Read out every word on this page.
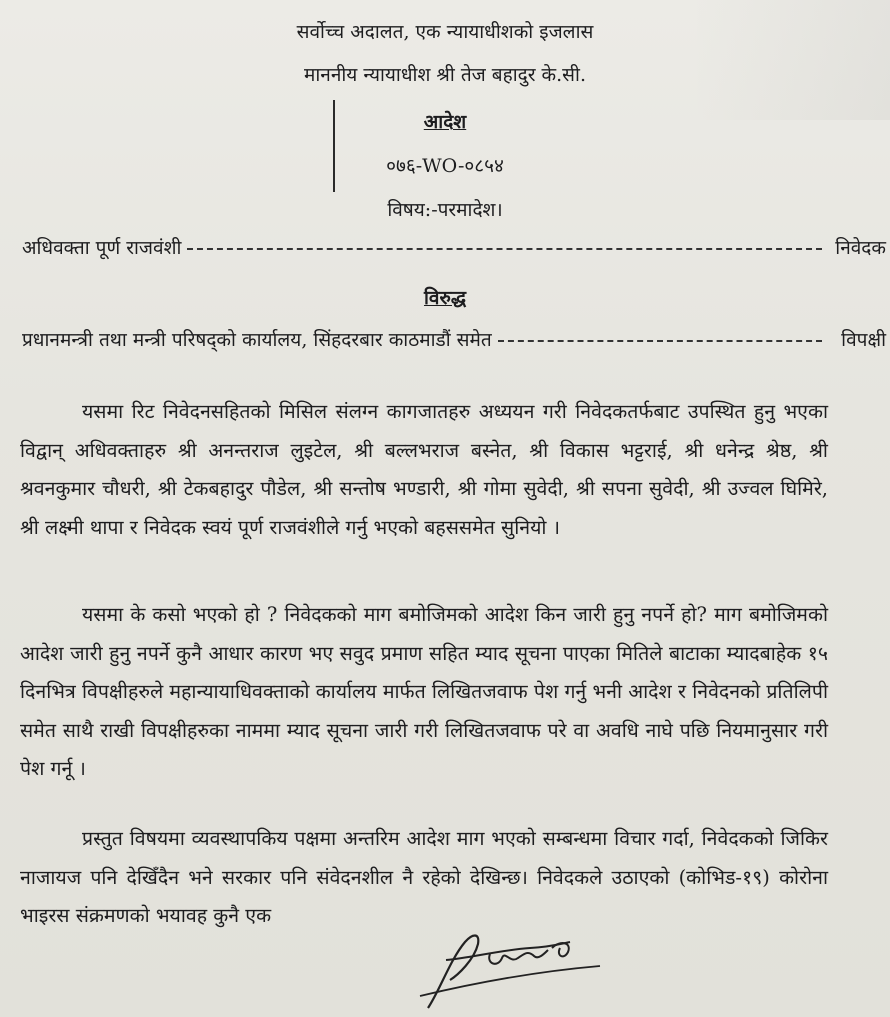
सर्वोच्च अदालत, एक न्यायाधीशको इजलास
माननीय न्यायाधीश श्री तेज बहादुर के.सी.
आदेश
०७६-WO-०८५४
विषय:-परमादेश।
अधिवक्ता पूर्ण राजवंशी	निवेदक
विरुद्ध
प्रधानमन्त्री तथा मन्त्री परिषद्को कार्यालय, सिंहदरबार काठमाडौं समेत	विपक्षी
यसमा रिट निवेदनसहितको मिसिल संलग्न कागजातहरु अध्ययन गरी निवेदकतर्फबाट उपस्थित हुनु भएका विद्वान् अधिवक्ताहरु श्री अनन्तराज लुइटेल, श्री बल्लभराज बस्नेत, श्री विकास भट्टराई, श्री धनेन्द्र श्रेष्ठ, श्री श्रवनकुमार चौधरी, श्री टेकबहादुर पौडेल, श्री सन्तोष भण्डारी, श्री गोमा सुवेदी, श्री सपना सुवेदी, श्री उज्वल घिमिरे, श्री लक्ष्मी थापा र निवेदक स्वयं पूर्ण राजवंशीले गर्नु भएको बहससमेत सुनियो ।
यसमा के कसो भएको हो ? निवेदकको माग बमोजिमको आदेश किन जारी हुनु नपर्ने हो? माग बमोजिमको आदेश जारी हुनु नपर्ने कुनै आधार कारण भए सवुद प्रमाण सहित म्याद सूचना पाएका मितिले बाटाका म्यादबाहेक १५ दिनभित्र विपक्षीहरुले महान्यायाधिवक्ताको कार्यालय मार्फत लिखितजवाफ पेश गर्नु भनी आदेश र निवेदनको प्रतिलिपी समेत साथै राखी विपक्षीहरुका नाममा म्याद सूचना जारी गरी लिखितजवाफ परे वा अवधि नाघे पछि नियमानुसार गरी पेश गर्नू ।
प्रस्तुत विषयमा व्यवस्थापकिय पक्षमा अन्तरिम आदेश माग भएको सम्बन्धमा विचार गर्दा, निवेदकको जिकिर नाजायज पनि देखिँदैन भने सरकार पनि संवेदनशील नै रहेको देखिन्छ। निवेदकले उठाएको (कोभिड-१९) कोरोना भाइरस संक्रमणको भयावह कुनै एक
